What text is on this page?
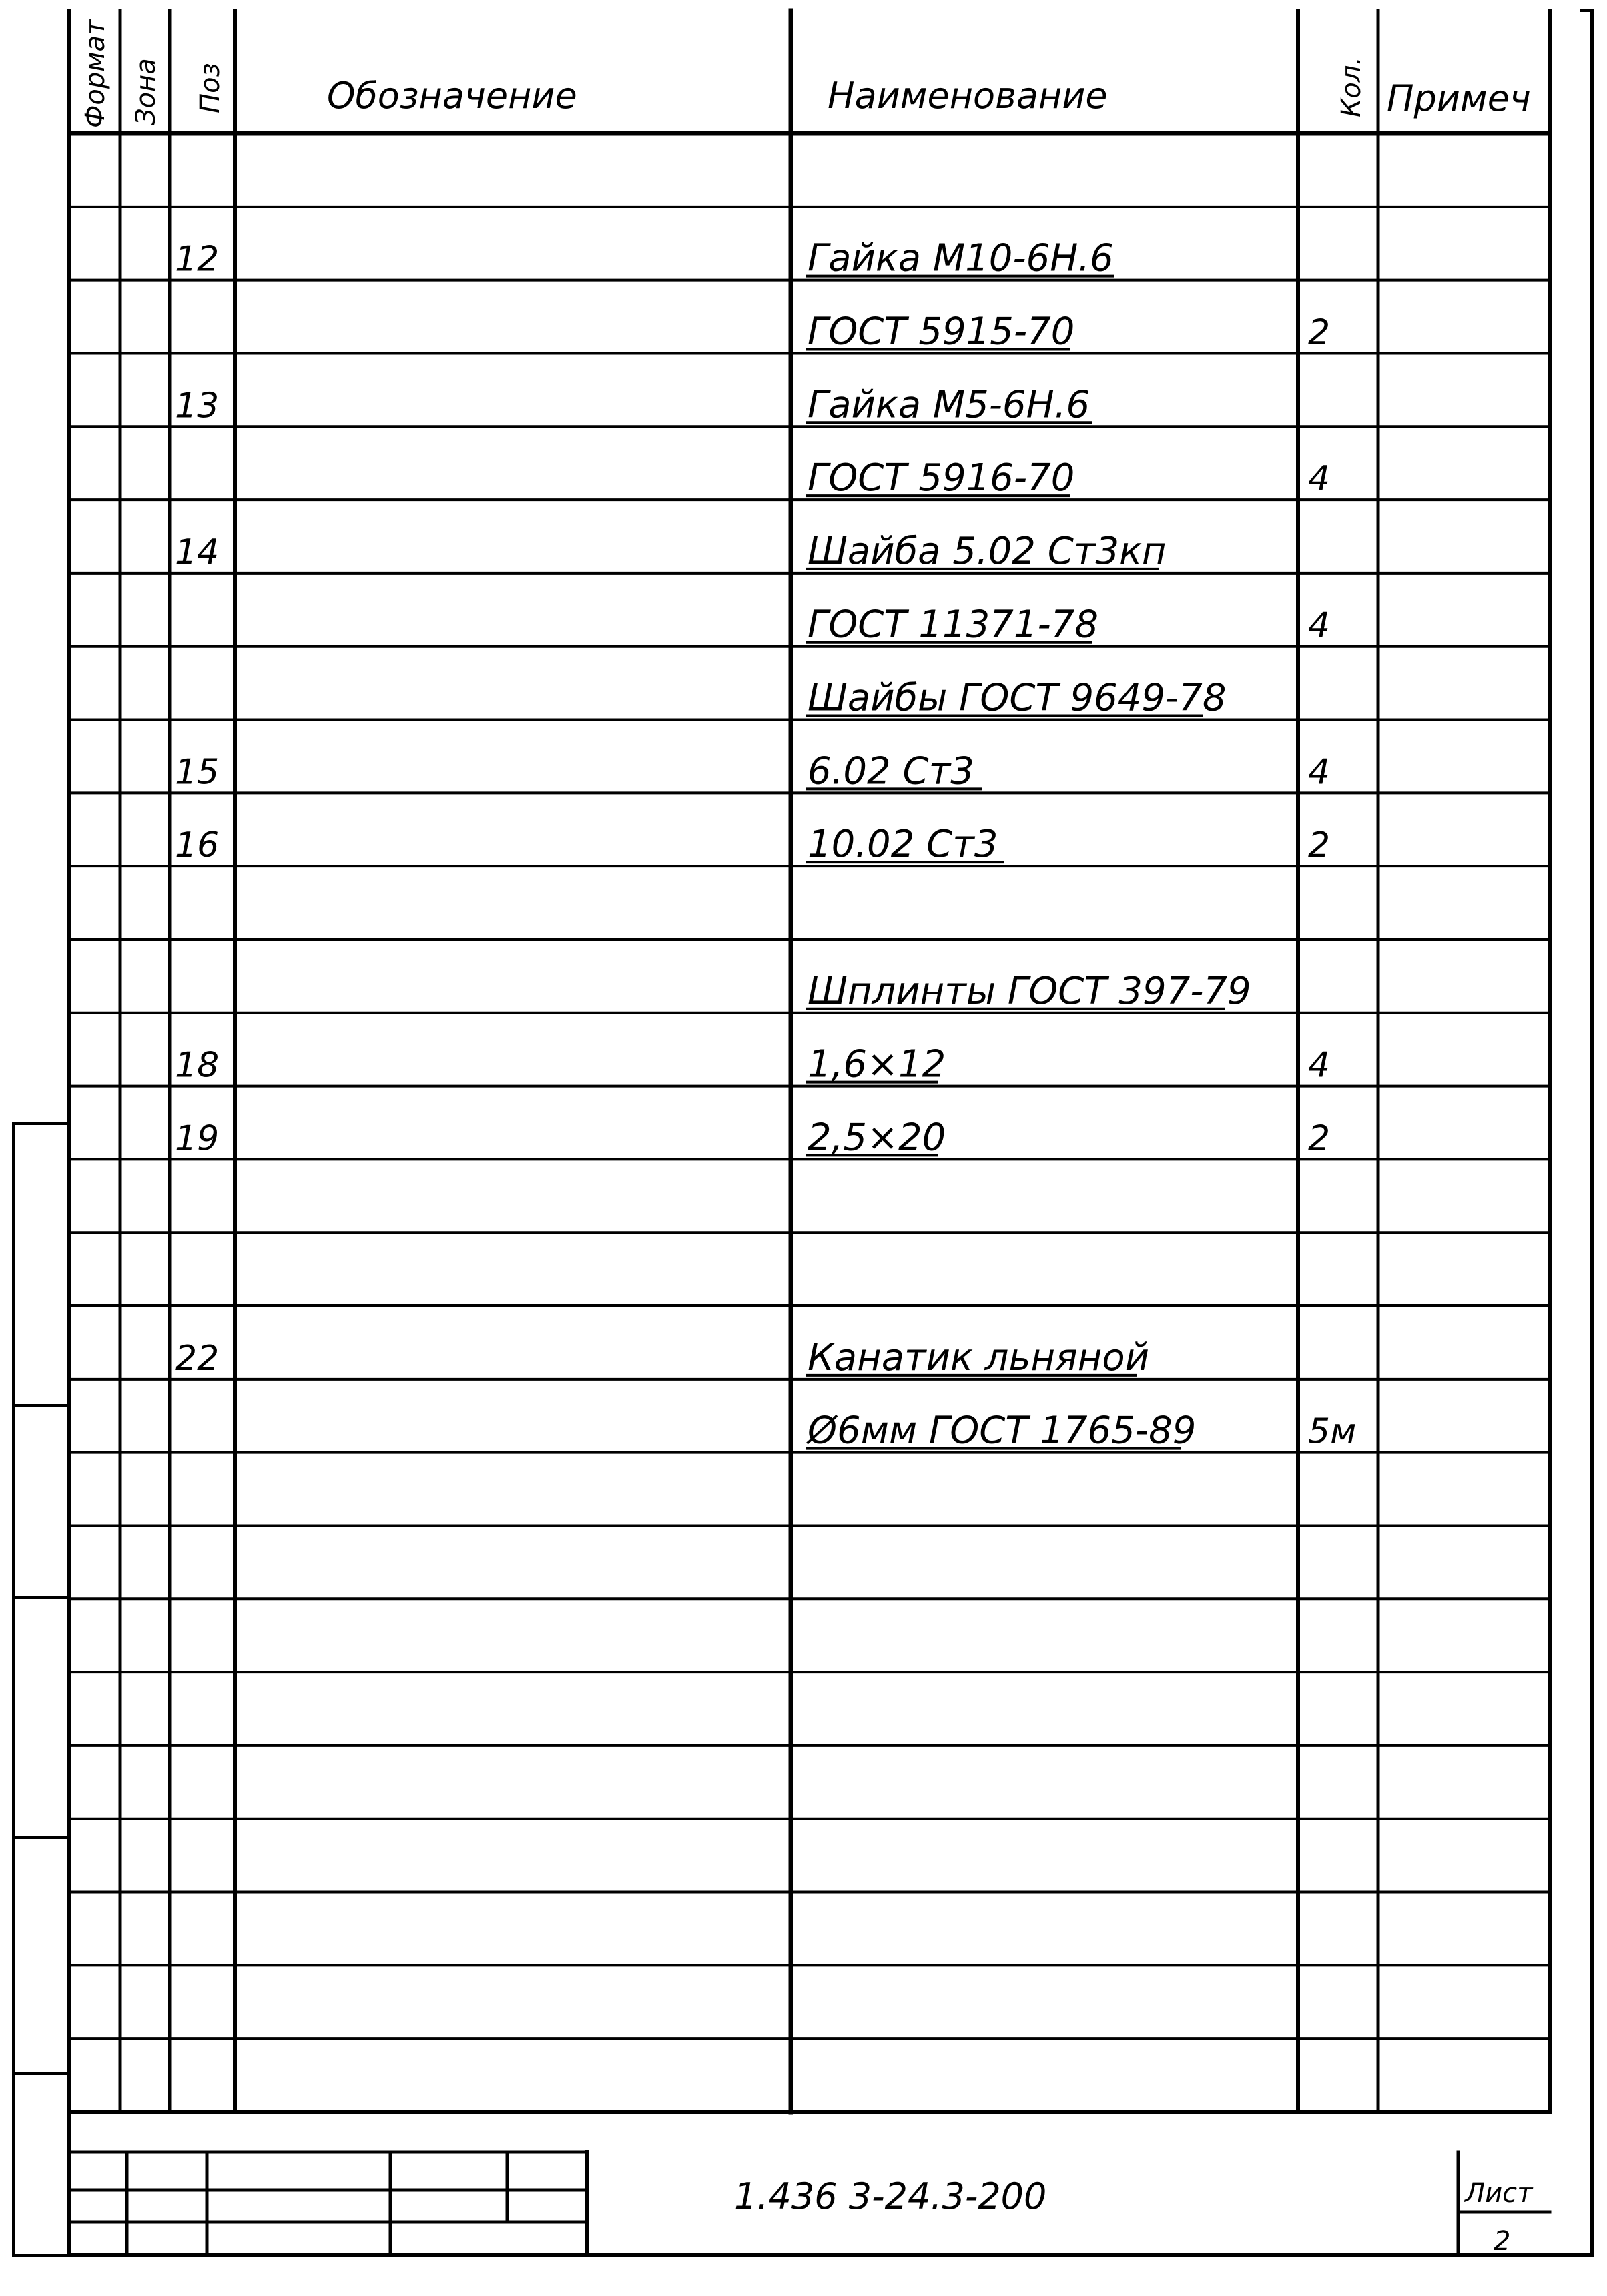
Формат Зона Поз	Обозначение	Наименование	Кол. Примеч
12	Гайка М10-6Н.6
ГОСТ 5915-70	2
13	Гайка М5-6Н.6
ГОСТ 5916-70	4
14	Шайба 5.02 Ст3кп
ГОСТ 11371-78	4
Шайбы ГОСТ 9649-78
15	6.02 Ст3	4
16	10.02 Ст3	2
Шплинты ГОСТ 397-79
18	1,6×12	4
19	2,5×20	2
22	Канатик льняной
Ø6мм ГОСТ 1765-89	5м
1.436 3-24.3-200	Лист
2
